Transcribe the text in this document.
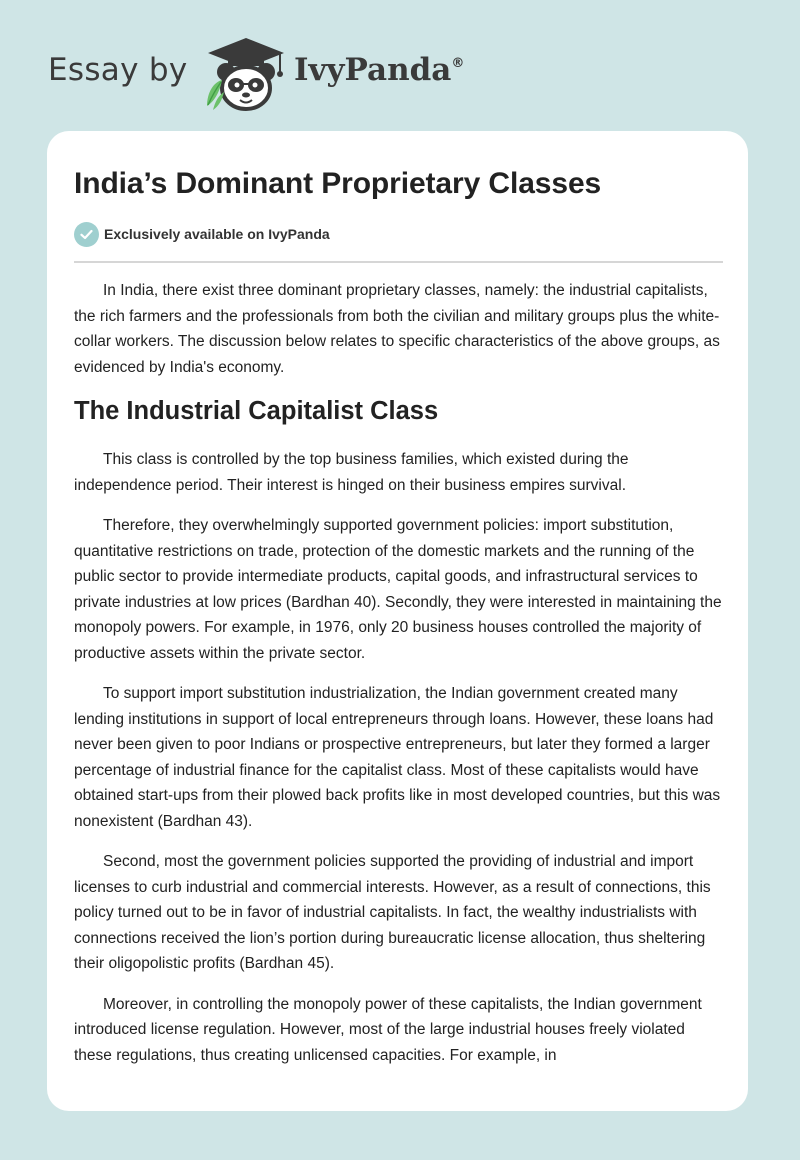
Essay by	IvyPanda®
India’s Dominant Proprietary Classes
Exclusively available on IvyPanda

In India, there exist three dominant proprietary classes, namely: the industrial capitalists, the rich farmers and the professionals from both the civilian and military groups plus the white-collar workers. The discussion below relates to specific characteristics of the above groups, as evidenced by India's economy.

The Industrial Capitalist Class

This class is controlled by the top business families, which existed during the independence period. Their interest is hinged on their business empires survival.

Therefore, they overwhelmingly supported government policies: import substitution, quantitative restrictions on trade, protection of the domestic markets and the running of the public sector to provide intermediate products, capital goods, and infrastructural services to private industries at low prices (Bardhan 40). Secondly, they were interested in maintaining the monopoly powers. For example, in 1976, only 20 business houses controlled the majority of productive assets within the private sector.

To support import substitution industrialization, the Indian government created many lending institutions in support of local entrepreneurs through loans. However, these loans had never been given to poor Indians or prospective entrepreneurs, but later they formed a larger percentage of industrial finance for the capitalist class. Most of these capitalists would have obtained start-ups from their plowed back profits like in most developed countries, but this was nonexistent (Bardhan 43).

Second, most the government policies supported the providing of industrial and import licenses to curb industrial and commercial interests. However, as a result of connections, this policy turned out to be in favor of industrial capitalists. In fact, the wealthy industrialists with connections received the lion’s portion during bureaucratic license allocation, thus sheltering their oligopolistic profits (Bardhan 45).

Moreover, in controlling the monopoly power of these capitalists, the Indian government introduced license regulation. However, most of the large industrial houses freely violated these regulations, thus creating unlicensed capacities. For example, in
